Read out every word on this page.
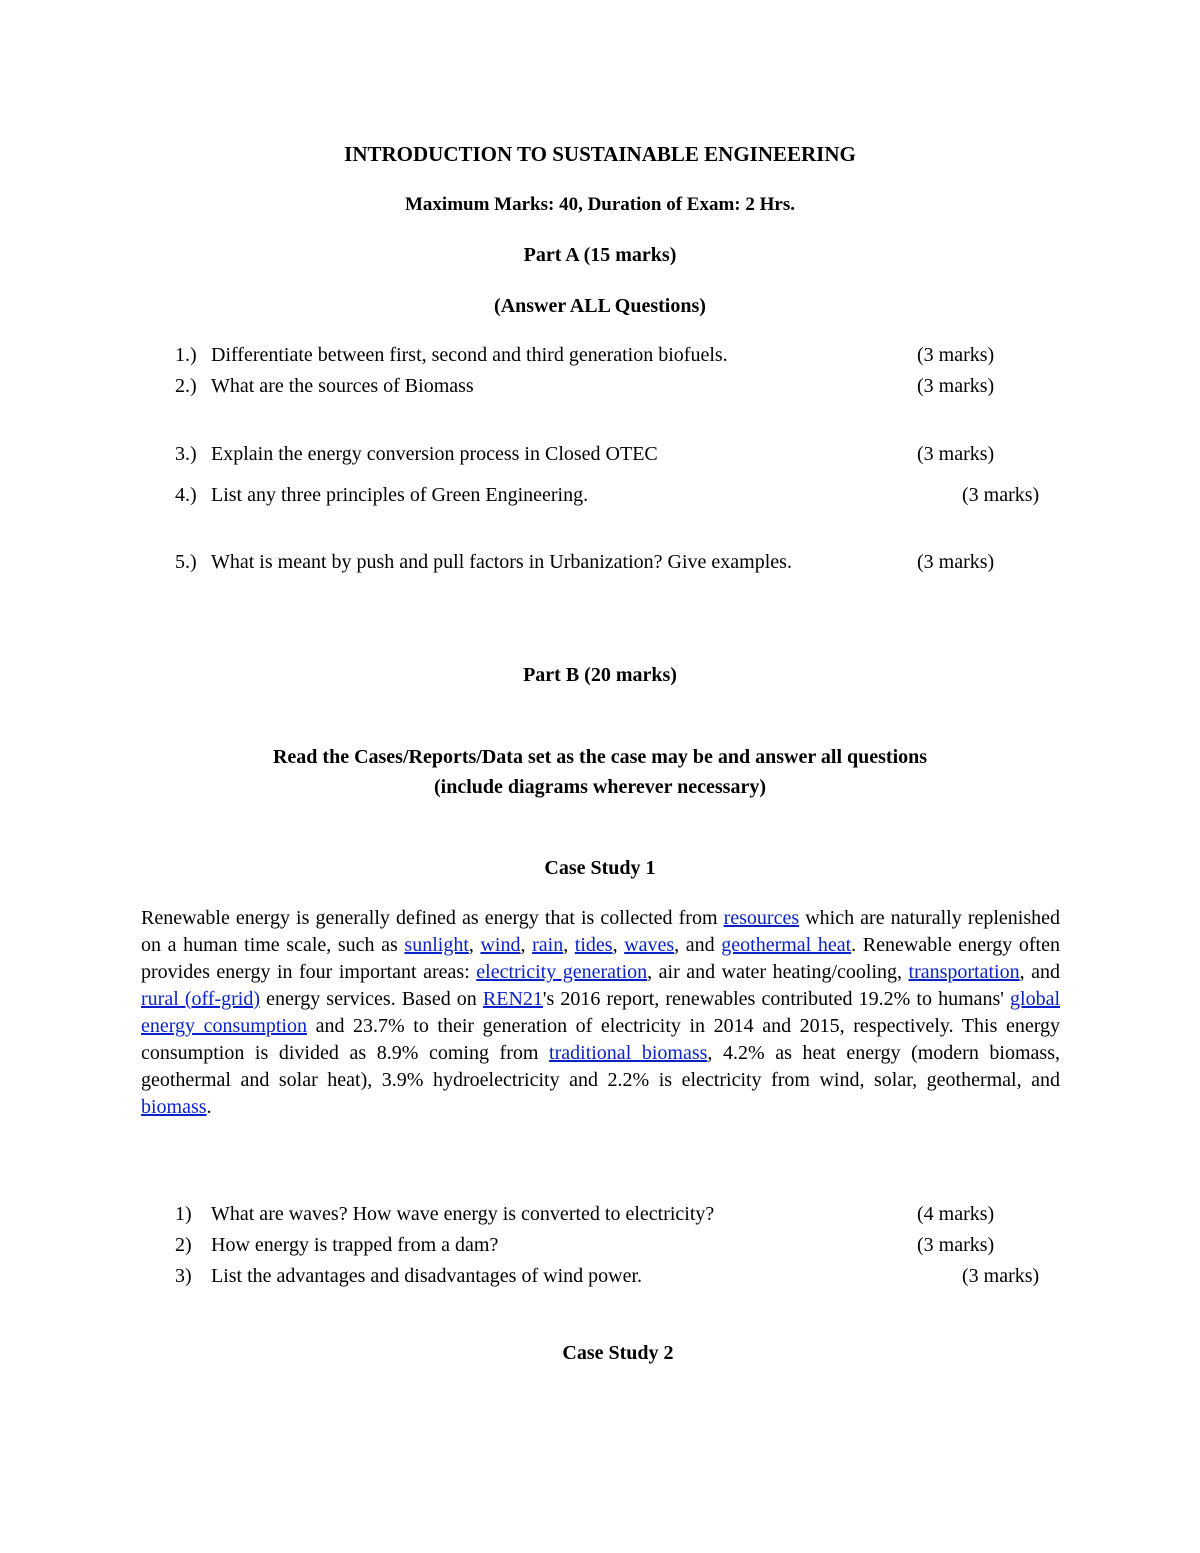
INTRODUCTION TO SUSTAINABLE ENGINEERING
Maximum Marks: 40, Duration of Exam: 2 Hrs.
Part A (15 marks)
(Answer ALL Questions)
1.) Differentiate between first, second and third generation biofuels.	(3 marks)
2.) What are the sources of Biomass	(3 marks)
3.) Explain the energy conversion process in Closed OTEC	(3 marks)
4.) List any three principles of Green Engineering.	(3 marks)
5.) What is meant by push and pull factors in Urbanization? Give examples.	(3 marks)
Part B (20 marks)
Read the Cases/Reports/Data set as the case may be and answer all questions
(include diagrams wherever necessary)
Case Study 1
Renewable energy is generally defined as energy that is collected from resources which are naturally replenished on a human time scale, such as sunlight, wind, rain, tides, waves, and geothermal heat. Renewable energy often provides energy in four important areas: electricity generation, air and water heating/cooling, transportation, and rural (off-grid) energy services. Based on REN21's 2016 report, renewables contributed 19.2% to humans' global energy consumption and 23.7% to their generation of electricity in 2014 and 2015, respectively. This energy consumption is divided as 8.9% coming from traditional biomass, 4.2% as heat energy (modern biomass, geothermal and solar heat), 3.9% hydroelectricity and 2.2% is electricity from wind, solar, geothermal, and biomass.
1) What are waves? How wave energy is converted to electricity?	(4 marks)
2) How energy is trapped from a dam?	(3 marks)
3) List the advantages and disadvantages of wind power.	(3 marks)
Case Study 2
